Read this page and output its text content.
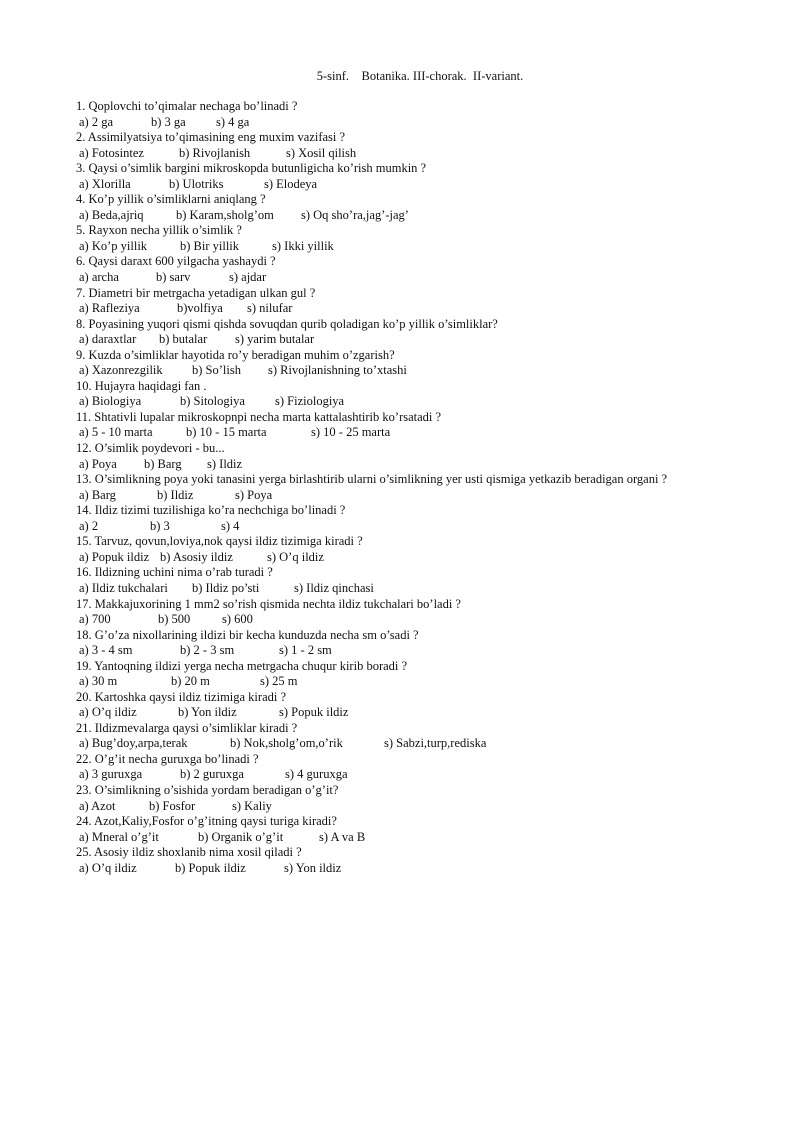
5-sinf.    Botanika. III-chorak.  II-variant.
1. Qoplovchi to’qimalar nechaga bo’linadi ?
a) 2 ga	b) 3 ga s) 4 ga
2. Assimilyatsiya to’qimasining eng muxim vazifasi ?
a) Fotosintez	b) Rivojlanish	s) Xosil qilish
3. Qaysi o’simlik bargini mikroskopda butunligicha ko’rish mumkin ?
a) Xlorilla	b) Ulotriks	s) Elodeya
4. Ko’p yillik o’simliklarni aniqlang ?
a) Beda,ajriq	b) Karam,sholg’om s) Oq sho’ra,jag’-jag’
5. Rayxon necha yillik o’simlik ?
a) Ko’p yillik	b) Bir yillik	s) Ikki yillik
6. Qaysi daraxt 600 yilgacha yashaydi ?
a) archa	b) sarv	s) ajdar
7. Diametri bir metrgacha yetadigan ulkan gul ?
a) Rafleziya	b)volfiya s) nilufar
8. Poyasining yuqori qismi qishda sovuqdan qurib qoladigan ko’p yillik o’simliklar?
a) daraxtlar b) butalar s) yarim butalar
9. Kuzda o’simliklar hayotida ro’y beradigan muhim o’zgarish?
a) Xazonrezgilik b) So’lish s) Rivojlanishning to’xtashi
10. Hujayra haqidagi fan .
a) Biologiya	b) Sitologiya s) Fiziologiya
11. Shtativli lupalar mikroskopnpi necha marta kattalashtirib ko’rsatadi ?
a) 5 - 10 marta	b) 10 - 15 marta	s) 10 - 25 marta
12. O’simlik poydevori - bu...
a) Poya b) Barg s) Ildiz
13. O’simlikning poya yoki tanasini yerga birlashtirib ularni o’simlikning yer usti qismiga yetkazib beradigan organi ?
a) Barg	b) Ildiz	s) Poya
14. Ildiz tizimi tuzilishiga ko’ra nechchiga bo’linadi ?
a) 2	b) 3	s) 4
15. Tarvuz, qovun,loviya,nok qaysi ildiz tizimiga kiradi ?
a) Popuk ildiz b) Asosiy ildiz	s) O’q ildiz
16. Ildizning uchini nima o’rab turadi ?
a) Ildiz tukchalari b) Ildiz po’sti	s) Ildiz qinchasi
17. Makkajuxorining 1 mm2 so’rish qismida nechta ildiz tukchalari bo’ladi ?
a) 700	b) 500	s) 600
18. G’o’za nixollarining ildizi bir kecha kunduzda necha sm o’sadi ?
a) 3 - 4 sm	b) 2 - 3 sm	s) 1 - 2 sm
19. Yantoqning ildizi yerga necha metrgacha chuqur kirib boradi ?
a) 30 m	b) 20 m	s) 25 m
20. Kartoshka qaysi ildiz tizimiga kiradi ?
a) O’q ildiz	b) Yon ildiz	s) Popuk ildiz
21. Ildizmevalarga qaysi o’simliklar kiradi ?
a) Bug’doy,arpa,terak	b) Nok,sholg’om,o’rik	s) Sabzi,turp,rediska
22. O’g’it necha guruxga bo’linadi ?
a) 3 guruxga	b) 2 guruxga	s) 4 guruxga
23. O’simlikning o’sishida yordam beradigan o’g’it?
a) Azot	b) Fosfor	s) Kaliy
24. Azot,Kaliy,Fosfor o’g’itning qaysi turiga kiradi?
a) Mneral o’g’it	b) Organik o’g’it	s) A va B
25. Asosiy ildiz shoxlanib nima xosil qiladi ?
a) O’q ildiz	b) Popuk ildiz	s) Yon ildiz
